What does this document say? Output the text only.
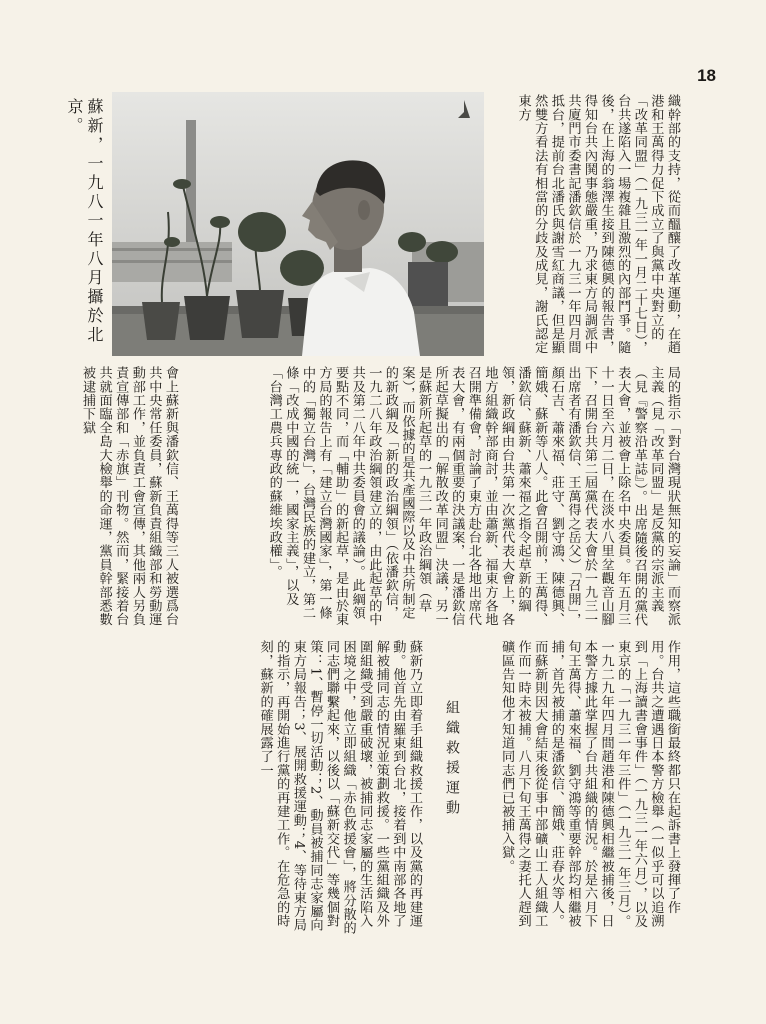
18

蘇新，一九八一年八月攝於北京。	織幹部的支持，從而醞釀了改革運動，在趙港和王萬得力促下成立了與黨中央對立的「改革同盟」（一九三一年一月二十七日），台共遂陷入一場複雜且激烈的內部鬥爭。隨後，在上海的翁澤生接到陳德興的報告書，得知台共內鬨事態嚴重，乃求東方局調派中共廈門市委書記潘欽信於一九三一年四月間抵台，提前台北潘氏與謝雪紅商議，但是顯然雙方看法有相當的分歧及成見，謝氏認定東方

局的指示「對台灣現狀無知的妄論」而察派主義（見「改革同盟」是反黨的宗派主義（見『警察沿革誌』）。出席隨後召開的黨代表大會，並被會上除名中央委員。年五月三十一日至六月二日，在淡水八里坌觀音山腳下，召開台共第二屆黨代表大會於一九三一出席者有潘欽信、王萬得之岳父）「召開」，顏石吉、蕭來福、莊守、劉守鴻、陳德興、簡娥、蘇新等八人。此會召開前，王萬得、潘欽信、蘇新、蕭來福之指令起草新的綱領，新政綱由台共第一次黨代表大會上，各地方組織幹部商討，並由蕭新、福東方各地召開準備會，討論了東方赴台北各地出席代表大會，有兩個重要的決議案，一是潘欽信所起草擬出的「解散改革同盟」決議，另一是蘇新所起草的一九三一年政治綱領（草案），而依據的是共產國際以及中共所制定的新政綱及「新的政治綱領」（依潘欽信，一九二八年政治綱領建立的，由此起草的中共及第二八年中共委員會的議論）。此綱領要點不同，而「輔助」的新起草，是由於東方局的報告上有「建立台灣國家」，第一條中的「獨立台灣」，台灣民族的建立，第二條「改成中國的統一，國家主義」，以及「台灣工農兵專政的蘇維埃政權」。

會上蘇新與潘欽信、王萬得等三人被選爲台共中央常任委員，蘇新負責組織部和勞動運動部工作，並負責工會宣傳，其他兩人另負責宣傳部和「赤旗」刊物。然而，緊接着台共就面臨全島大檢舉的命運，黨員幹部悉數被逮捕下獄

作用，這些職銜最終都只在起訴書上發揮了作用。台共之遭遇日本警方檢舉（一似乎可以追溯到「上海讀書會事件」（一九三一年六月），以及東京的「一九三一年三件」（一九三一年三月）。一九二九年四月間趙港和陳德興相繼被捕後，日本警方據此掌握了台共組織的情況。於是六月下旬王萬得、蕭來福、劉守鴻等重要幹部均相繼被捕，首先被捕的是潘欽信、簡娥、莊春火等人。而蘇新則因大會結束後從事中部礦山工人組織工作而一時未被捕。八月下旬王萬得之妻托人趕到礦區告知他才知道同志們已被捕入獄。

組織救援運動

蘇新乃立即着手組織救援工作，以及黨的再建運動。他首先由羅東到台北，接着到中南部各地了解被捕同志的情況並策劃救援。一些黨組織及外圍組織受到嚴重破壞，被捕同志家屬的生活陷入困境之中，他立即組織「赤色救援會」，將分散的同志們聯繫起來，以後以「蘇新交代」等幾個對策：1、暫停一切活動；2、動員被捕同志家屬向東方局報告；3、展開救援運動；4、等待東方局的指示，再開始進行黨的再建工作。在危急的時刻，蘇新的確展露了一
